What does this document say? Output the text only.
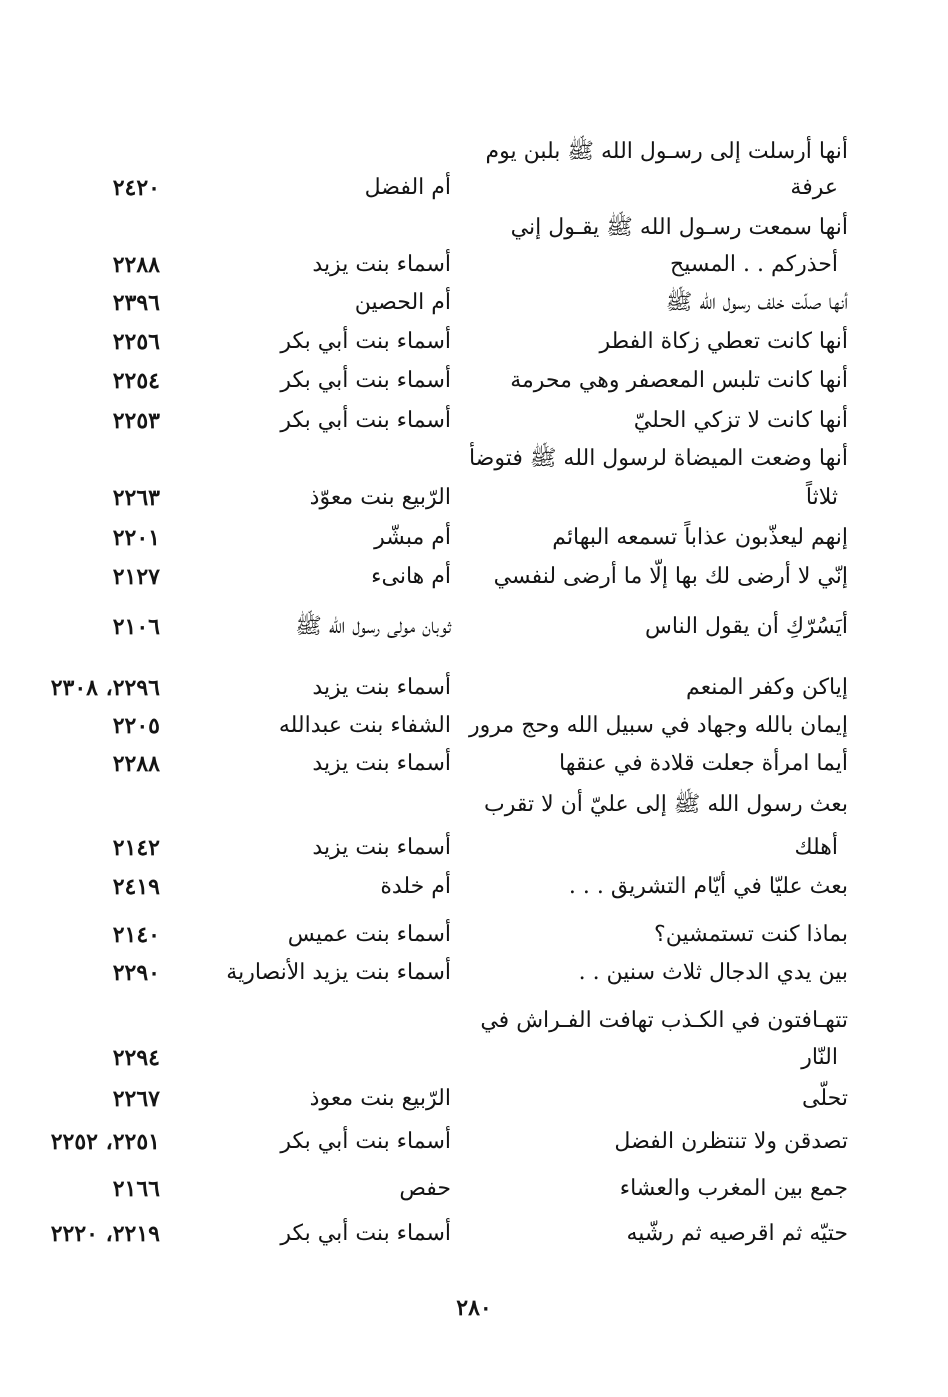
أنها أرسلت إلى رسـول الله ﷺ بلبن يوم
عرفة
أم الفضل
٢٤٢٠
أنها سمعت رسـول الله ﷺ يقـول إني
أحذركم . . المسيح
أسماء بنت يزيد
٢٢٨٨
أنها صلّت خلف رسول الله ﷺ
أم الحصين
٢٣٩٦
أنها كانت تعطي زكاة الفطر
أسماء بنت أبي بكر
٢٢٥٦
أنها كانت تلبس المعصفر وهي محرمة
أسماء بنت أبي بكر
٢٢٥٤
أنها كانت لا تزكي الحليّ
أسماء بنت أبي بكر
٢٢٥٣
أنها وضعت الميضاة لرسول الله ﷺ فتوضأ
ثلاثاً
الرّبيع بنت معوّذ
٢٢٦٣
إنهم ليعذّبون عذاباً تسمعه البهائم
أم مبشّر
٢٢٠١
إنّي لا أرضى لك بها إلّا ما أرضى لنفسي
أم هانىء
٢١٢٧
أيَسُرّكِ أن يقول الناس
ثوبان مولى رسول الله ﷺ
٢١٠٦
إياكن وكفر المنعم
أسماء بنت يزيد
٢٢٩٦، ٢٣٠٨
إيمان بالله وجهاد في سبيل الله وحج مرور
الشفاء بنت عبدالله
٢٢٠٥
أيما امرأة جعلت قلادة في عنقها
أسماء بنت يزيد
٢٢٨٨
بعث رسول الله ﷺ إلى عليّ أن لا تقرب
أهلك
أسماء بنت يزيد
٢١٤٢
بعث عليّا في أيّام التشريق . . .
أم خلدة
٢٤١٩
بماذا كنت تستمشين؟
أسماء بنت عميس
٢١٤٠
بين يدي الدجال ثلاث سنين . .
أسماء بنت يزيد الأنصارية
٢٢٩٠
تتهـافتون في الكـذب تهافت الفـراش في
النّار
٢٢٩٤
تحلّى
الرّبيع بنت معوذ
٢٢٦٧
تصدقن ولا تنتظرن الفضل
أسماء بنت أبي بكر
٢٢٥١، ٢٢٥٢
جمع بين المغرب والعشاء
حفص
٢١٦٦
حتيّه ثم اقرصيه ثم رشّيه
أسماء بنت أبي بكر
٢٢١٩، ٢٢٢٠
٢٨٠
